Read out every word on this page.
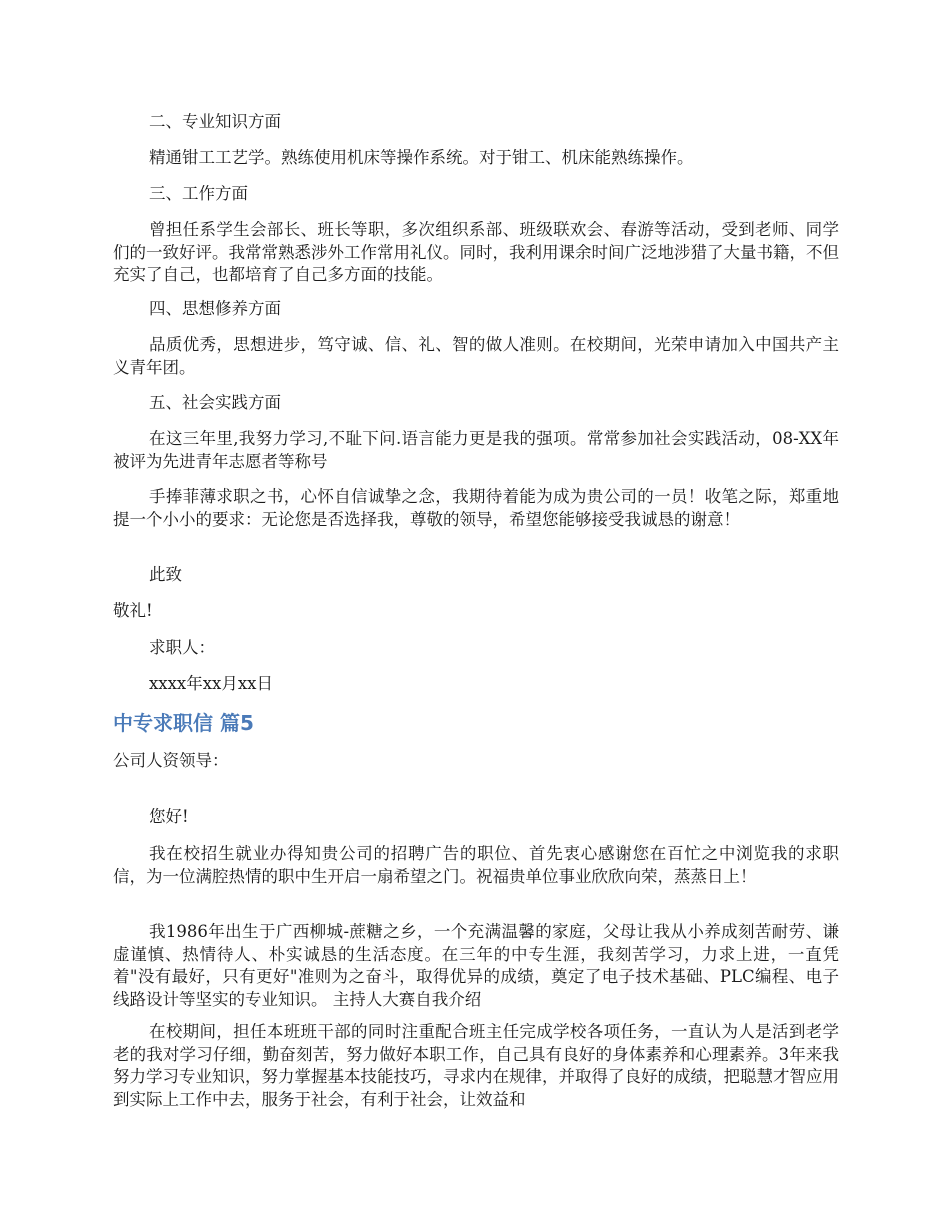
二、专业知识方面

精通钳工工艺学。熟练使用机床等操作系统。对于钳工、机床能熟练操作。

三、工作方面

曾担任系学生会部长、班长等职，多次组织系部、班级联欢会、春游等活动，受到老师、同学们的一致好评。我常常熟悉涉外工作常用礼仪。同时，我利用课余时间广泛地涉猎了大量书籍，不但充实了自己，也都培育了自己多方面的技能。

四、思想修养方面

品质优秀，思想进步，笃守诚、信、礼、智的做人准则。在校期间，光荣申请加入中国共产主义青年团。

五、社会实践方面

在这三年里,我努力学习,不耻下问.语言能力更是我的强项。常常参加社会实践活动，08-XX年被评为先进青年志愿者等称号

手捧菲薄求职之书，心怀自信诚挚之念，我期待着能为成为贵公司的一员！收笔之际，郑重地提一个小小的要求：无论您是否选择我，尊敬的领导，希望您能够接受我诚恳的谢意！

此致

敬礼!

求职人：

xxxx年xx月xx日

中专求职信 篇5

公司人资领导：

您好!

我在校招生就业办得知贵公司的招聘广告的职位、首先衷心感谢您在百忙之中浏览我的求职信，为一位满腔热情的职中生开启一扇希望之门。祝福贵单位事业欣欣向荣，蒸蒸日上！

我1986年出生于广西柳城-蔗糖之乡，一个充满温馨的家庭，父母让我从小养成刻苦耐劳、谦虚谨慎、热情待人、朴实诚恳的生活态度。在三年的中专生涯，我刻苦学习，力求上进，一直凭着"没有最好，只有更好"准则为之奋斗，取得优异的成绩，奠定了电子技术基础、PLC编程、电子线路设计等坚实的专业知识。 主持人大赛自我介绍

在校期间，担任本班班干部的同时注重配合班主任完成学校各项任务，一直认为人是活到老学老的我对学习仔细，勤奋刻苦，努力做好本职工作，自己具有良好的身体素养和心理素养。3年来我努力学习专业知识，努力掌握基本技能技巧，寻求内在规律，并取得了良好的成绩，把聪慧才智应用到实际上工作中去，服务于社会，有利于社会，让效益和
